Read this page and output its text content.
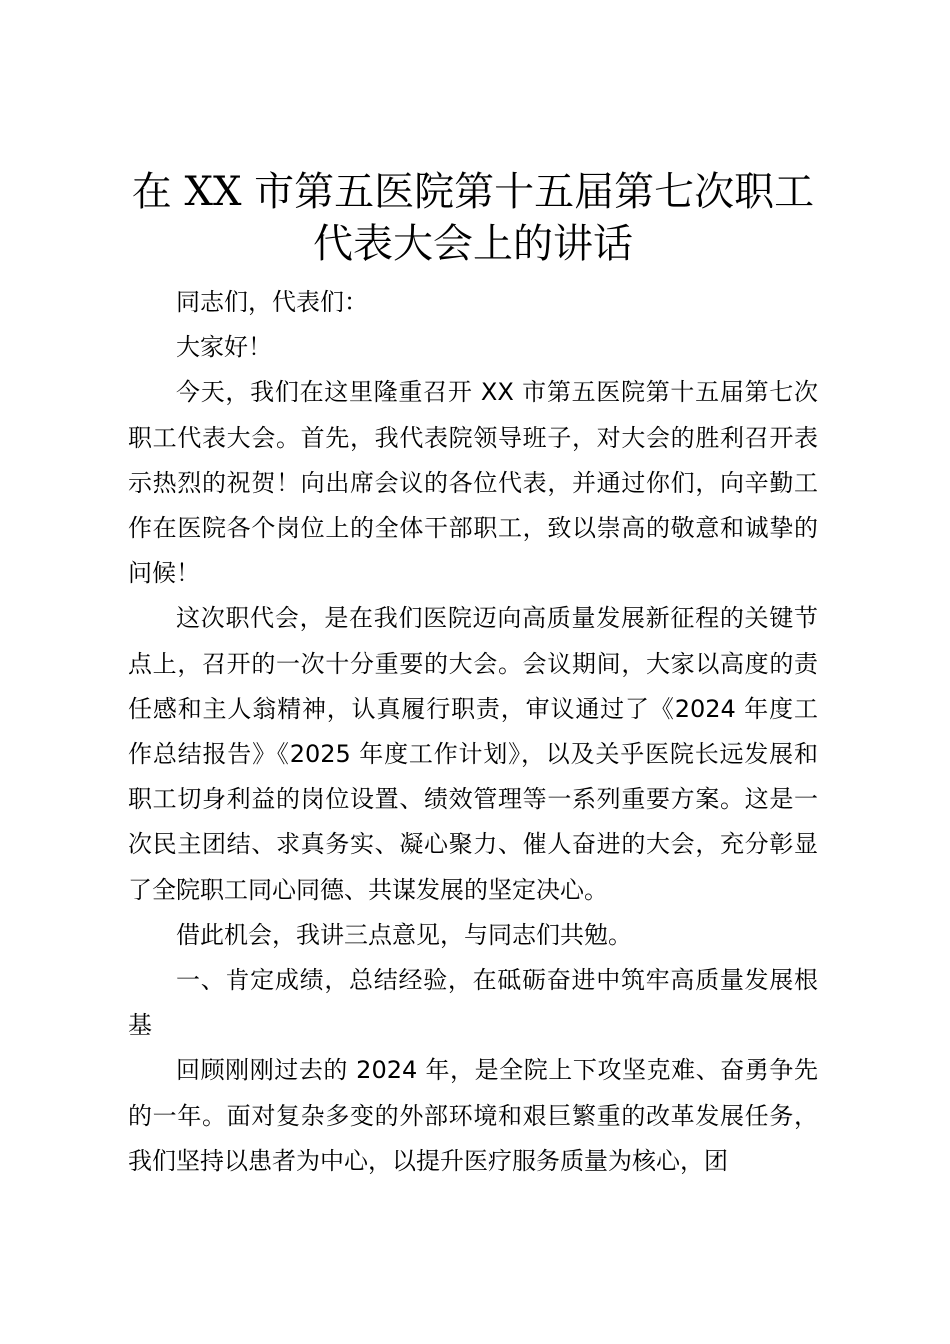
在 XX 市第五医院第十五届第七次职工
代表大会上的讲话

同志们，代表们：

大家好！

今天，我们在这里隆重召开 XX 市第五医院第十五届第七次职工代表大会。首先，我代表院领导班子，对大会的胜利召开表示热烈的祝贺！向出席会议的各位代表，并通过你们，向辛勤工作在医院各个岗位上的全体干部职工，致以崇高的敬意和诚挚的问候！

这次职代会，是在我们医院迈向高质量发展新征程的关键节点上，召开的一次十分重要的大会。会议期间，大家以高度的责任感和主人翁精神，认真履行职责，审议通过了《2024 年度工作总结报告》《2025 年度工作计划》，以及关乎医院长远发展和职工切身利益的岗位设置、绩效管理等一系列重要方案。这是一次民主团结、求真务实、凝心聚力、催人奋进的大会，充分彰显了全院职工同心同德、共谋发展的坚定决心。

借此机会，我讲三点意见，与同志们共勉。

一、肯定成绩，总结经验，在砥砺奋进中筑牢高质量发展根基

回顾刚刚过去的 2024 年，是全院上下攻坚克难、奋勇争先的一年。面对复杂多变的外部环境和艰巨繁重的改革发展任务，我们坚持以患者为中心，以提升医疗服务质量为核心，团
